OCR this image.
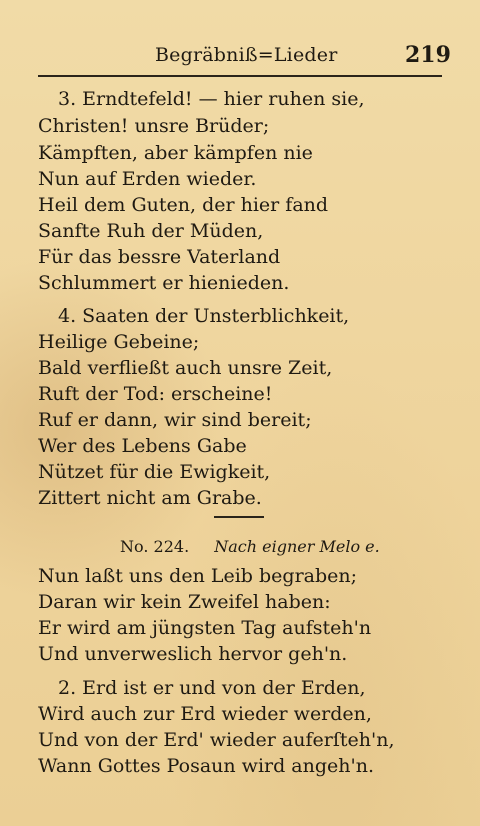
Begräbniß=Lieder	219
3. Erndtefeld! — hier ruhen sie,
Christen! unsre Brüder;
Kämpften, aber kämpfen nie
Nun auf Erden wieder.
Heil dem Guten, der hier fand
Sanfte Ruh der Müden,
Für das bessre Vaterland
Schlummert er hienieden.
4. Saaten der Unsterblichkeit,
Heilige Gebeine;
Bald verfließt auch unsre Zeit,
Ruft der Tod: erscheine!
Ruf er dann, wir sind bereit;
Wer des Lebens Gabe
Nützet für die Ewigkeit,
Zittert nicht am Grabe.
No. 224. Nach eigner Melo e.
Nun laßt uns den Leib begraben;
Daran wir kein Zweifel haben:
Er wird am jüngsten Tag aufsteh'n
Und unverweslich hervor geh'n.
2. Erd ist er und von der Erden,
Wird auch zur Erd wieder werden,
Und von der Erd' wieder auferſteh'n,
Wann Gottes Posaun wird angeh'n.
